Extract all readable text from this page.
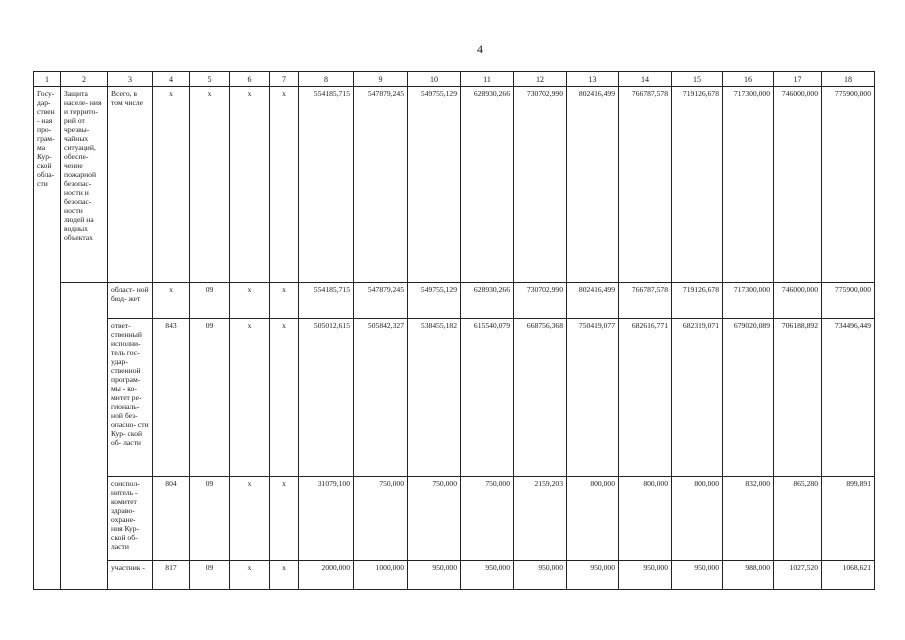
4
1	2	3	4	5	6	7	8	9	10	11	12	13	14	15	16	17	18
Госу- дар- ствен- ная про- грам- ма Кур- ской обла- сти	Защита населе- ния и террито- рий от чрезвы- чайных ситуаций, обеспе- чение пожарной безопас- ности и безопас- ности людей на водных объектах	Всего, в том числе	х	х	х	х	554185,715	547879,245	549755,129	628930,266	730702,990	802416,499	766787,578	719126,678	717300,000	746000,000	775900,000
		област- ной бюд- жет	х	09	х	х	554185,715	547879,245	549755,129	628930,266	730702,990	802416,499	766787,578	719126,678	717300,000	746000,000	775900,000
		ответ- ственный исполни- тель гос- удар- ственной програм- мы - ко- митет ре- гиональ- ной без- опасно- сти Кур- ской об- ласти	843	09	х	х	505012,615	505842,327	538455,182	615540,079	668756,368	750419,077	682616,771	682319,071	679020,089	706188,892	734496,449
		соиспол- нитель - комитет здраво- охране- ния Кур- ской об- ласти	804	09	х	х	31079,100	750,000	750,000	750,000	2159,203	800,000	800,000	800,000	832,000	865,280	899,891
		участник -	817	09	х	х	2000,000	1000,000	950,000	950,000	950,000	950,000	950,000	950,000	988,000	1027,520	1068,621
